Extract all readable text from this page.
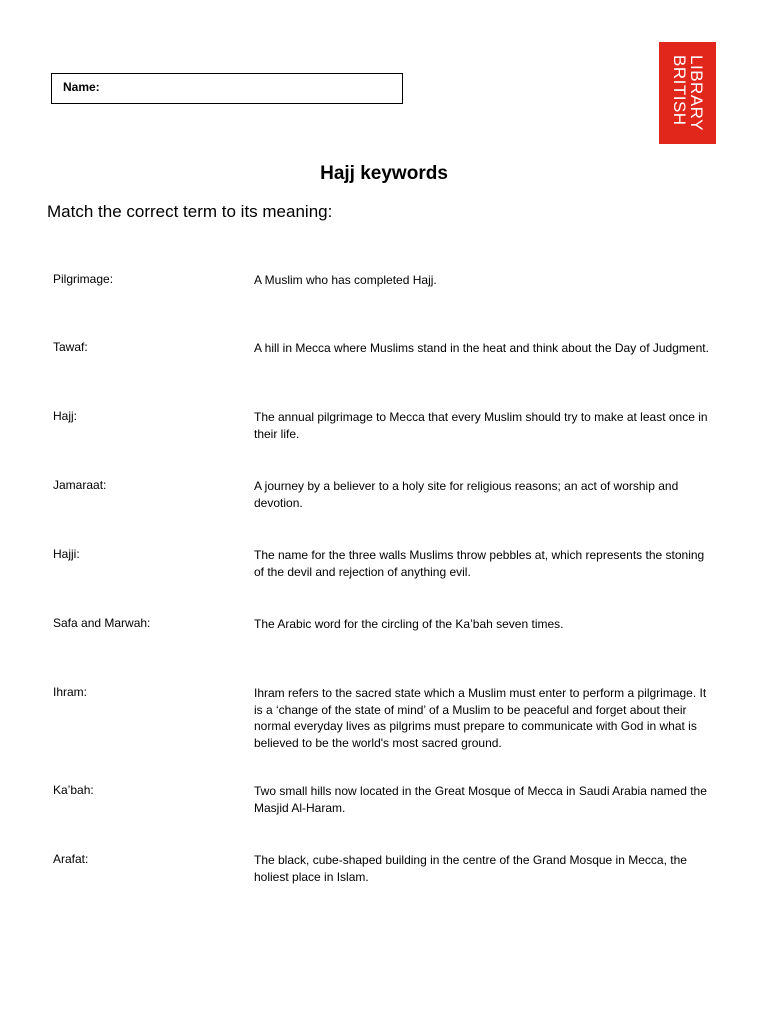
Name:	LIBRARY
BRITISH
Hajj keywords
Match the correct term to its meaning:
Pilgrimage:	A Muslim who has completed Hajj.
Tawaf:	A hill in Mecca where Muslims stand in the heat and think about the Day of Judgment.
Hajj:	The annual pilgrimage to Mecca that every Muslim should try to make at least once in their life.
Jamaraat:	A journey by a believer to a holy site for religious reasons; an act of worship and devotion.
Hajji:	The name for the three walls Muslims throw pebbles at, which represents the stoning of the devil and rejection of anything evil.
Safa and Marwah:	The Arabic word for the circling of the Ka’bah seven times.
Ihram:	Ihram refers to the sacred state which a Muslim must enter to perform a pilgrimage. It is a ‘change of the state of mind’ of a Muslim to be peaceful and forget about their normal everyday lives as pilgrims must prepare to communicate with God in what is believed to be the world's most sacred ground.
Ka’bah:	Two small hills now located in the Great Mosque of Mecca in Saudi Arabia named the Masjid Al-Haram.
Arafat:	The black, cube-shaped building in the centre of the Grand Mosque in Mecca, the holiest place in Islam.
